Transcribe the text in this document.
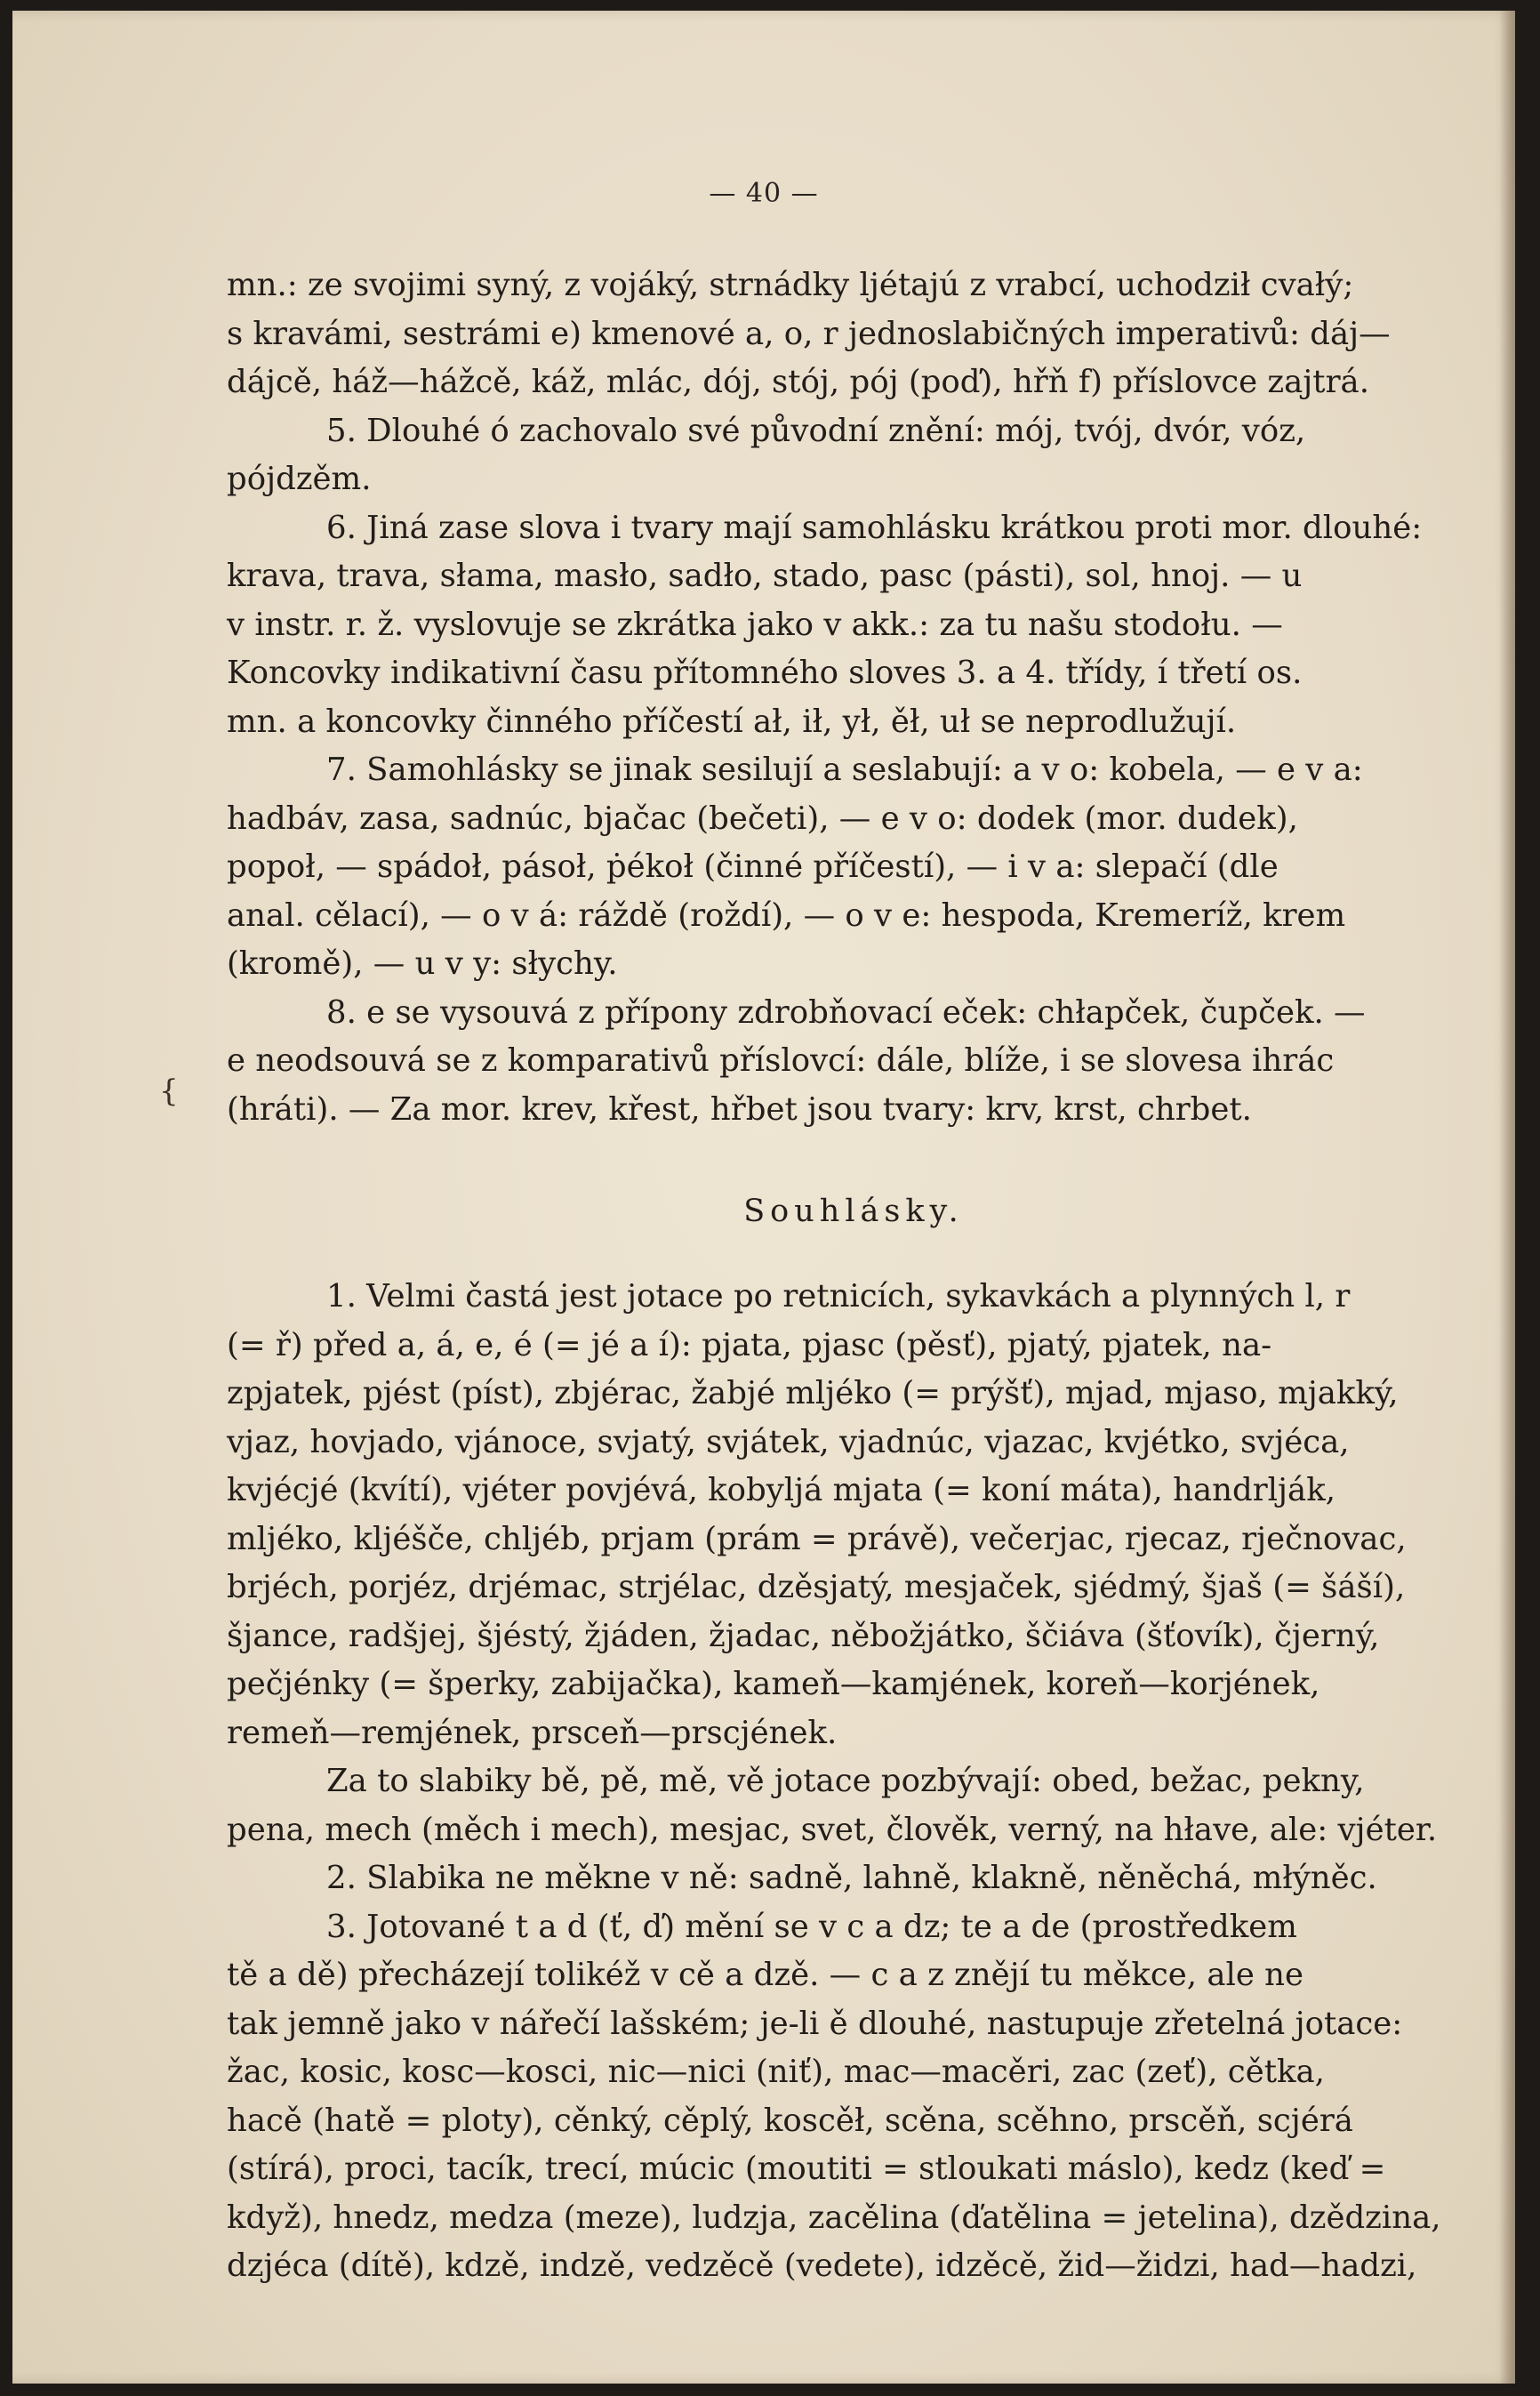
— 40 —
{
mn.: ze svojimi syný, z vojáký, strnádky ljétajú z vrabcí, uchodził cvałý;
s kravámi, sestrámi e) kmenové a, o, r jednoslabičných imperativů: dáj—
dájcě, háž—hážcě, káž, mlác, dój, stój, pój (poď), hřň f) příslovce zajtrá.
5. Dlouhé ó zachovalo své původní znění: mój, tvój, dvór, vóz,
pójdzěm.
6. Jiná zase slova i tvary mají samohlásku krátkou proti mor. dlouhé:
krava, trava, słama, masło, sadło, stado, pasc (pásti), sol, hnoj. — u
v instr. r. ž. vyslovuje se zkrátka jako v akk.: za tu našu stodołu. —
Koncovky indikativní času přítomného sloves 3. a 4. třídy, í třetí os.
mn. a koncovky činného příčestí ał, ił, ył, ěł, uł se neprodlužují.
7. Samohlásky se jinak sesilují a seslabují: a v o: kobela, — e v a:
hadbáv, zasa, sadnúc, bjačac (bečeti), — e v o: dodek (mor. dudek),
popoł, — spádoł, pásoł, ṗékoł (činné příčestí), — i v a: slepačí (dle
anal. cělací), — o v á: ráždě (roždí), — o v e: hespoda, Kremeríž, krem
(kromě), — u v y: słychy.
8. e se vysouvá z přípony zdrobňovací eček: chłapček, čupček. —
e neodsouvá se z komparativů příslovcí: dále, blíže, i se slovesa ihrác
(hráti). — Za mor. krev, křest, hřbet jsou tvary: krv, krst, chrbet.
Souhlásky.
1. Velmi častá jest jotace po retnicích, sykavkách a plynných l, r
(= ř) před a, á, e, é (= jé a í): pjata, pjasc (pěsť), pjatý, pjatek, na-
zpjatek, pjést (píst), zbjérac, žabjé mljéko (= prýšť), mjad, mjaso, mjakký,
vjaz, hovjado, vjánoce, svjatý, svjátek, vjadnúc, vjazac, kvjétko, svjéca,
kvjécjé (kvítí), vjéter povjévá, kobyljá mjata (= koní máta), handrlják,
mljéko, kljéšče, chljéb, prjam (prám = právě), večerjac, rjecaz, rječnovac,
brjéch, porjéz, drjémac, strjélac, dzěsjatý, mesjaček, sjédmý, šjaš (= šáší),
šjance, radšjej, šjéstý, žjáden, žjadac, něbožjátko, ščiáva (šťovík), čjerný,
pečjénky (= šperky, zabijačka), kameň—kamjének, koreň—korjének,
remeň—remjének, prsceň—prscjének.
Za to slabiky bě, pě, mě, vě jotace pozbývají: obed, bežac, pekny,
pena, mech (měch i mech), mesjac, svet, člověk, verný, na hłave, ale: vjéter.
2. Slabika ne měkne v ně: sadně, lahně, klakně, něněchá, młýněc.
3. Jotované t a d (ť, ď) mění se v c a dz; te a de (prostředkem
tě a dě) přecházejí tolikéž v cě a dzě. — c a z znějí tu měkce, ale ne
tak jemně jako v nářečí lašském; je-li ě dlouhé, nastupuje zřetelná jotace:
žac, kosic, kosc—kosci, nic—nici (niť), mac—macěri, zac (zeť), cětka,
hacě (hatě = ploty), cěnký, cěplý, koscěł, scěna, scěhno, prscěň, scjérá
(stírá), proci, tacík, trecí, múcic (moutiti = stloukati máslo), kedz (keď =
když), hnedz, medza (meze), ludzja, zacělina (ďatělina = jetelina), dzědzina,
dzjéca (dítě), kdzě, indzě, vedzěcě (vedete), idzěcě, žid—židzi, had—hadzi,
